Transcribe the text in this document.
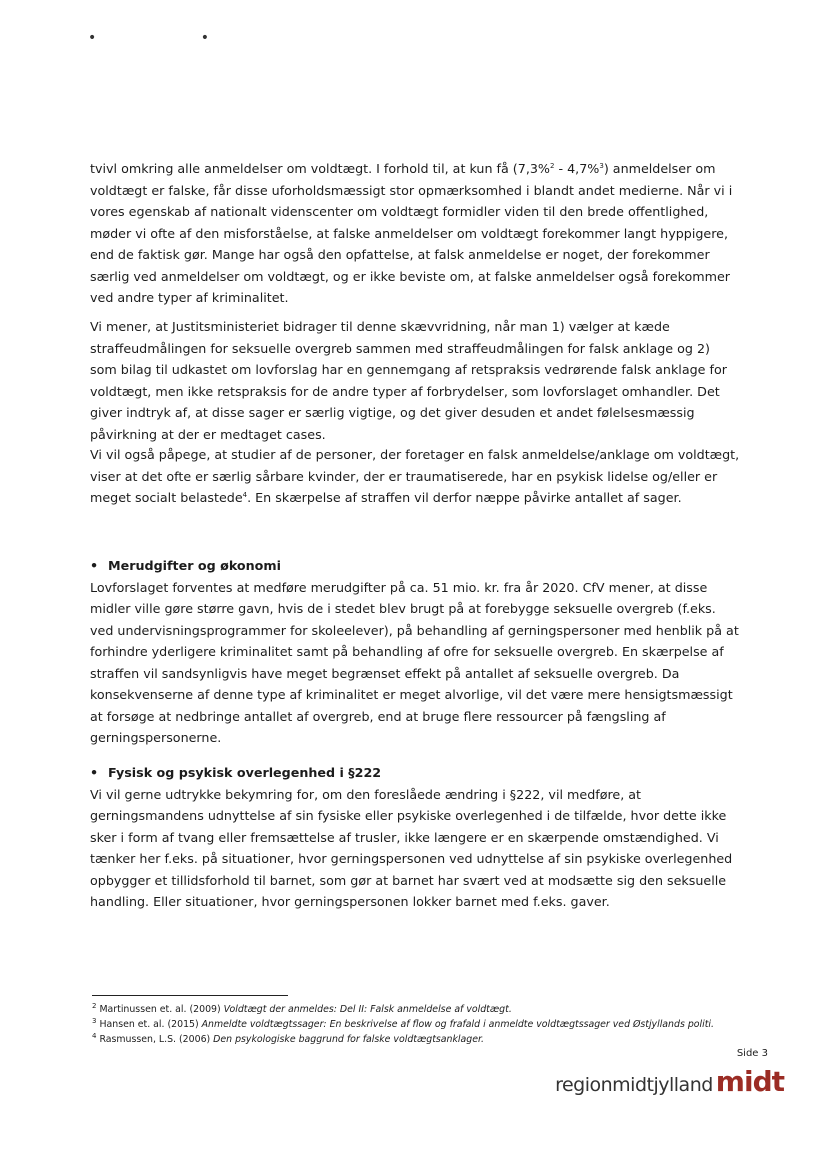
• •
tvivl omkring alle anmeldelser om voldtægt. I forhold til, at kun få (7,3%$^2$ - 4,7%$^3$) anmeldelser om voldtægt er falske, får disse uforholdsmæssigt stor opmærksomhed i blandt andet medierne. Når vi i vores egenskab af nationalt videnscenter om voldtægt formidler viden til den brede offentlighed, møder vi ofte af den misforståelse, at falske anmeldelser om voldtægt forekommer langt hyppigere, end de faktisk gør. Mange har også den opfattelse, at falsk anmeldelse er noget, der forekommer særlig ved anmeldelser om voldtægt, og er ikke beviste om, at falske anmeldelser også forekommer ved andre typer af kriminalitet.
Vi mener, at Justitsministeriet bidrager til denne skævvridning, når man 1) vælger at kæde straffeudmålingen for seksuelle overgreb sammen med straffeudmålingen for falsk anklage og 2) som bilag til udkastet om lovforslag har en gennemgang af retspraksis vedrørende falsk anklage for voldtægt, men ikke retspraksis for de andre typer af forbrydelser, som lovforslaget omhandler. Det giver indtryk af, at disse sager er særlig vigtige, og det giver desuden et andet følelsesmæssig påvirkning at der er medtaget cases.
Vi vil også påpege, at studier af de personer, der foretager en falsk anmeldelse/anklage om voldtægt, viser at det ofte er særlig sårbare kvinder, der er traumatiserede, har en psykisk lidelse og/eller er meget socialt belastede$^4$. En skærpelse af straffen vil derfor næppe påvirke antallet af sager.
• Merudgifter og økonomi
Lovforslaget forventes at medføre merudgifter på ca. 51 mio. kr. fra år 2020. CfV mener, at disse midler ville gøre større gavn, hvis de i stedet blev brugt på at forebygge seksuelle overgreb (f.eks. ved undervisningsprogrammer for skoleelever), på behandling af gerningspersoner med henblik på at forhindre yderligere kriminalitet samt på behandling af ofre for seksuelle overgreb. En skærpelse af straffen vil sandsynligvis have meget begrænset effekt på antallet af seksuelle overgreb. Da konsekvenserne af denne type af kriminalitet er meget alvorlige, vil det være mere hensigtsmæssigt at forsøge at nedbringe antallet af overgreb, end at bruge flere ressourcer på fængsling af gerningspersonerne.
• Fysisk og psykisk overlegenhed i §222
Vi vil gerne udtrykke bekymring for, om den foreslåede ændring i §222, vil medføre, at gerningsmandens udnyttelse af sin fysiske eller psykiske overlegenhed i de tilfælde, hvor dette ikke sker i form af tvang eller fremsættelse af trusler, ikke længere er en skærpende omstændighed. Vi tænker her f.eks. på situationer, hvor gerningspersonen ved udnyttelse af sin psykiske overlegenhed opbygger et tillidsforhold til barnet, som gør at barnet har svært ved at modsætte sig den seksuelle handling. Eller situationer, hvor gerningspersonen lokker barnet med f.eks. gaver.
$^2$ Martinussen et. al. (2009) Voldtægt der anmeldes: Del II: Falsk anmeldelse af voldtægt.
$^3$ Hansen et. al. (2015) Anmeldte voldtægtssager: En beskrivelse af flow og frafald i anmeldte voldtægtssager ved Østjyllands politi.
$^4$ Rasmussen, L.S. (2006) Den psykologiske baggrund for falske voldtægtsanklager.
Side 3
regionmidtjylland midt
